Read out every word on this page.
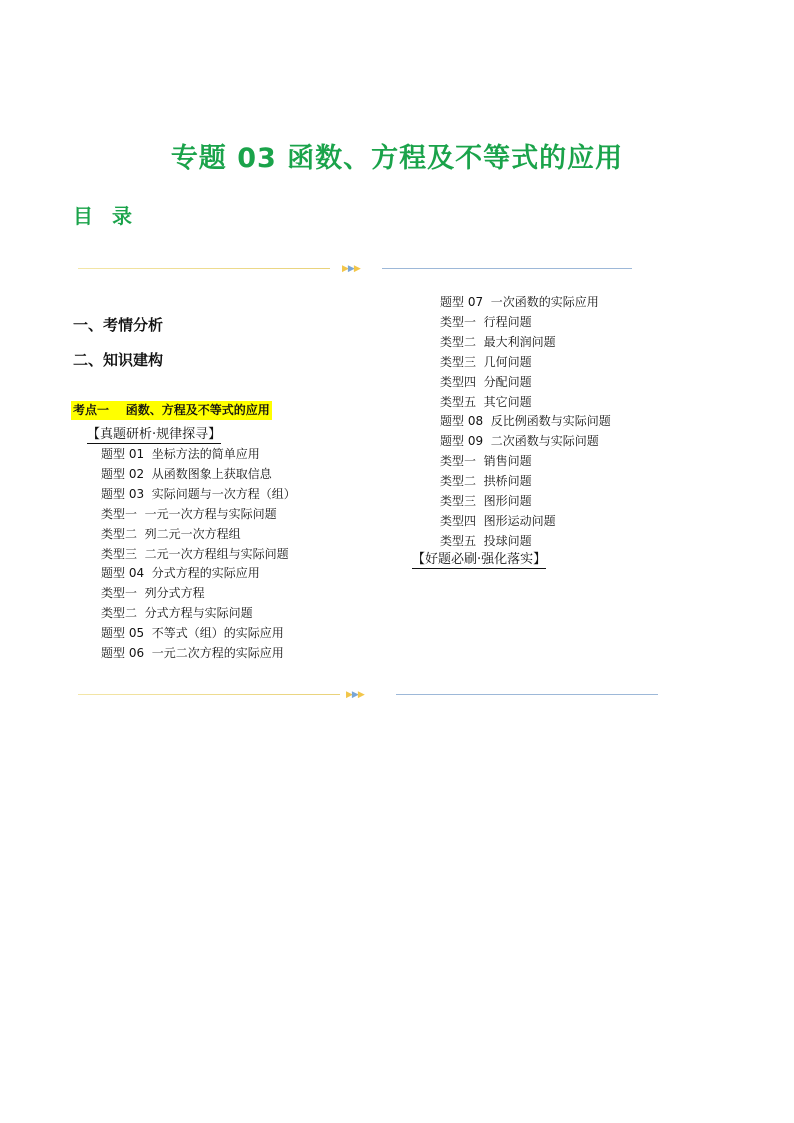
专题 03 函数、方程及不等式的应用
目 录
▶▶▶
一、考情分析
二、知识建构
考点一    函数、方程及不等式的应用
【真题研析·规律探寻】
题型 01  坐标方法的简单应用
题型 02  从函数图象上获取信息
题型 03  实际问题与一次方程（组）
类型一  一元一次方程与实际问题
类型二  列二元一次方程组
类型三  二元一次方程组与实际问题
题型 04  分式方程的实际应用
类型一  列分式方程
类型二  分式方程与实际问题
题型 05  不等式（组）的实际应用
题型 06  一元二次方程的实际应用
题型 07  一次函数的实际应用
类型一  行程问题
类型二  最大利润问题
类型三  几何问题
类型四  分配问题
类型五  其它问题
题型 08  反比例函数与实际问题
题型 09  二次函数与实际问题
类型一  销售问题
类型二  拱桥问题
类型三  图形问题
类型四  图形运动问题
类型五  投球问题
【好题必刷·强化落实】
▶▶▶
